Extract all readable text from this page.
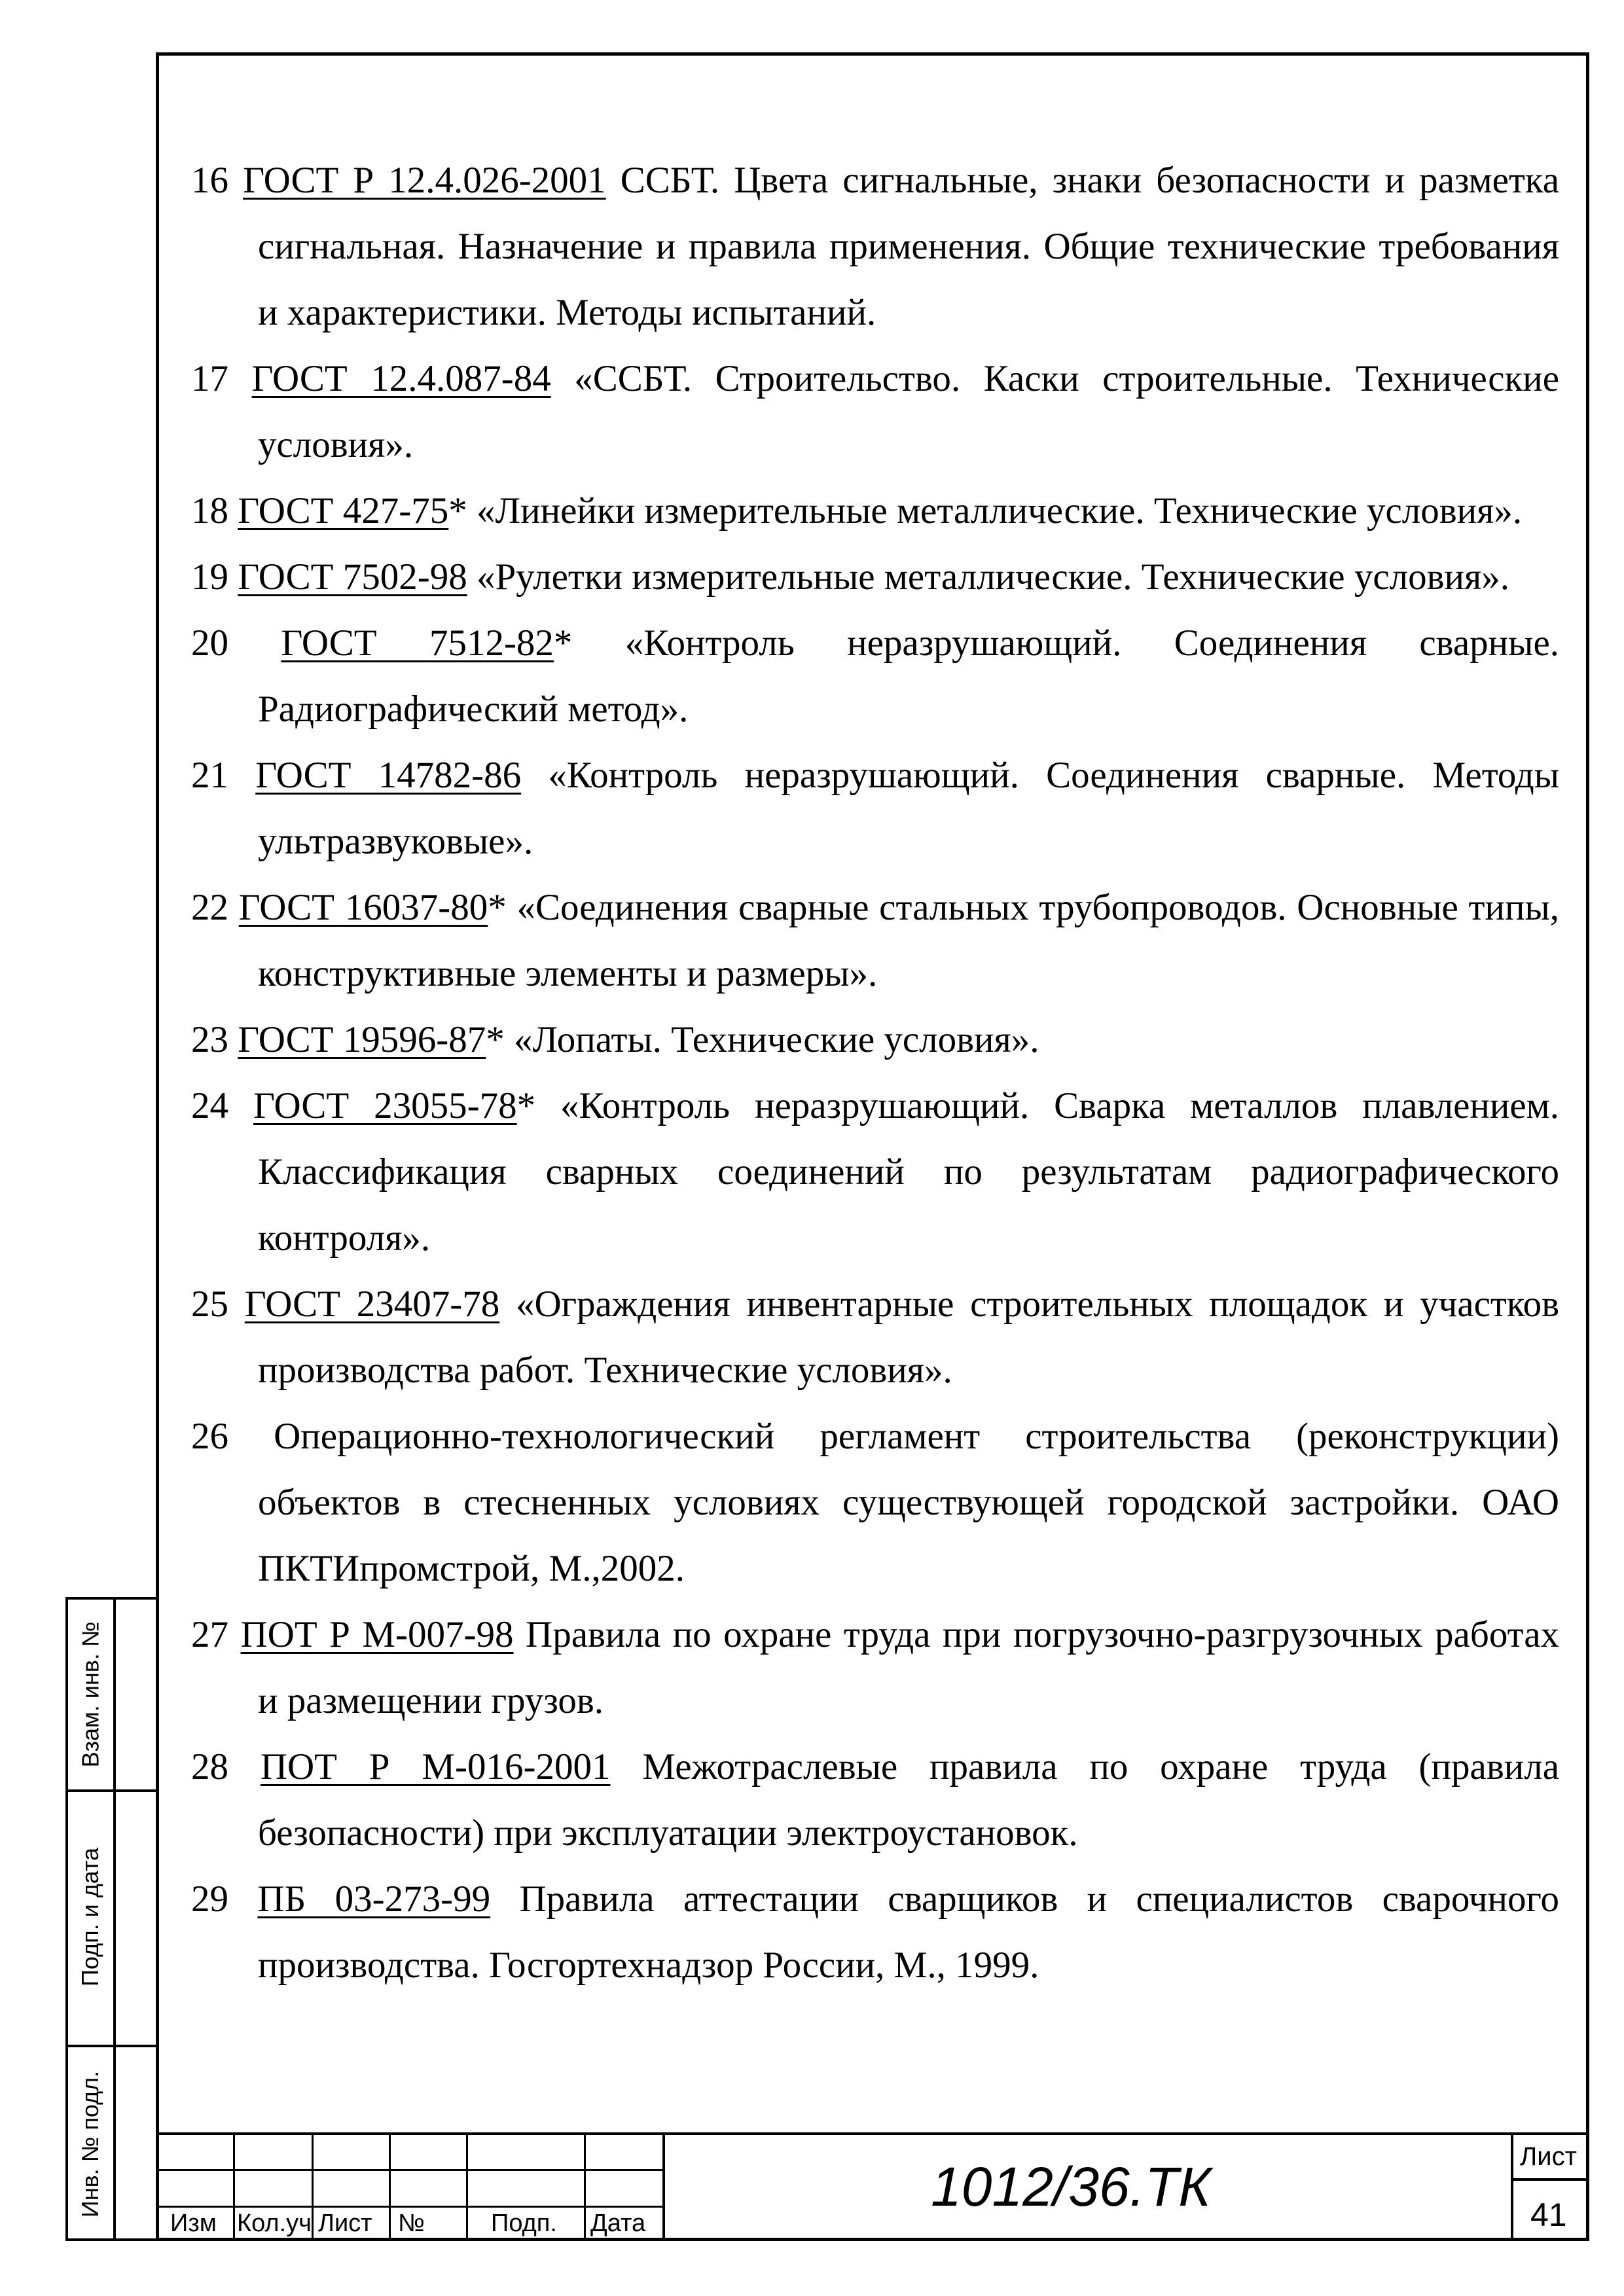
16 ГОСТ Р 12.4.026-2001 ССБТ. Цвета сигнальные, знаки безопасности и разметка сигнальная. Назначение и правила применения. Общие технические требования и характеристики. Методы испытаний.
17 ГОСТ 12.4.087-84 «ССБТ. Строительство. Каски строительные. Технические условия».
18 ГОСТ 427-75* «Линейки измерительные металлические. Технические условия».
19 ГОСТ 7502-98 «Рулетки измерительные металлические. Технические условия».
20 ГОСТ 7512-82* «Контроль неразрушающий. Соединения сварные. Радиографический метод».
21 ГОСТ 14782-86 «Контроль неразрушающий. Соединения сварные. Методы ультразвуковые».
22 ГОСТ 16037-80* «Соединения сварные стальных трубопроводов. Основные типы, конструктивные элементы и размеры».
23 ГОСТ 19596-87* «Лопаты. Технические условия».
24 ГОСТ 23055-78* «Контроль неразрушающий. Сварка металлов плавлением. Классификация сварных соединений по результатам радиографического контроля».
25 ГОСТ 23407-78 «Ограждения инвентарные строительных площадок и участков производства работ. Технические условия».
26 Операционно-технологический регламент строительства (реконструкции) объектов в стесненных условиях существующей городской застройки. ОАО ПКТИпромстрой, М.,2002.
27 ПОТ Р М-007-98 Правила по охране труда при погрузочно-разгрузочных работах и размещении грузов.
28 ПОТ Р М-016-2001 Межотраслевые правила по охране труда (правила безопасности) при эксплуатации электроустановок.
29 ПБ 03-273-99 Правила аттестации сварщиков и специалистов сварочного производства. Госгортехнадзор России, М., 1999.
Взам. инв. №
Подп. и дата
Инв. № подл.
Изм Кол.уч Лист №	Подп. Дата
1012/36.ТК	Лист
41
